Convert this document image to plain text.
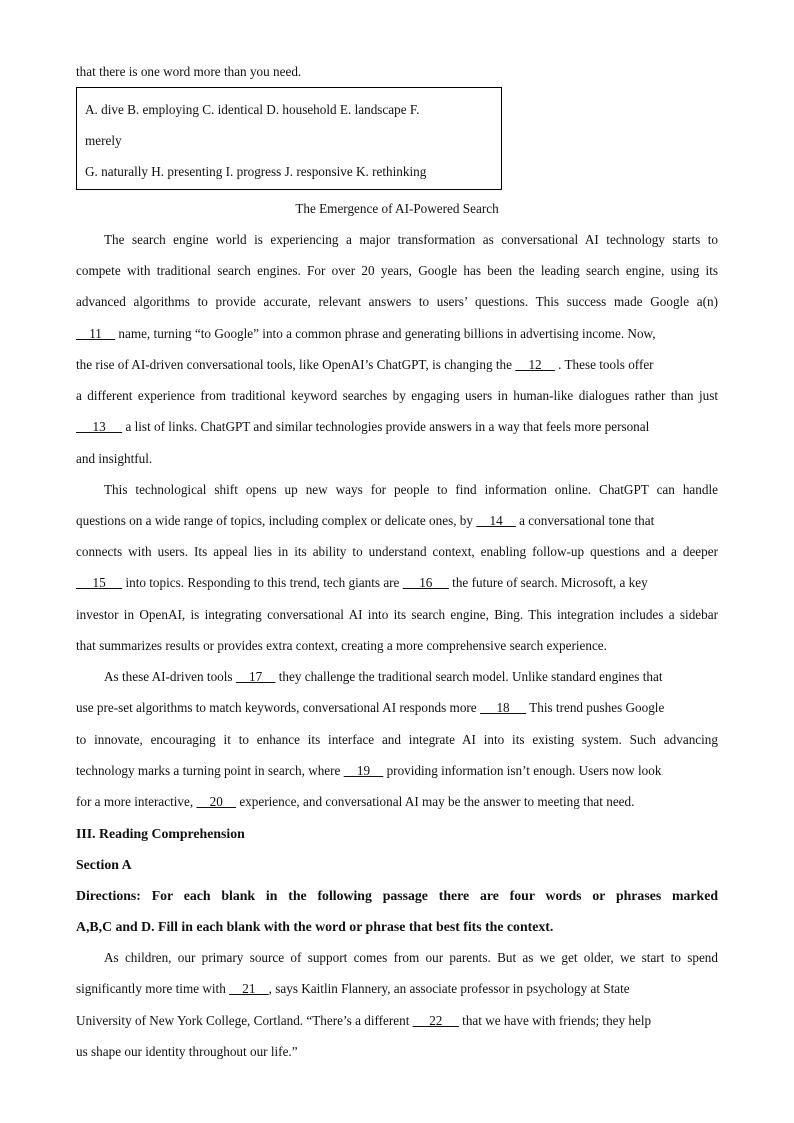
that there is one word more than you need.
A. dive B. employing C. identical D. household E. landscape F.
merely
G. naturally H. presenting I. progress J. responsive K. rethinking
The Emergence of AI-Powered Search
The search engine world is experiencing a major transformation as conversational AI technology starts to
compete with traditional search engines. For over 20 years, Google has been the leading search engine, using its
advanced algorithms to provide accurate, relevant answers to users’ questions. This success made Google a(n)
11     name, turning “to Google” into a common phrase and generating billions in advertising income. Now,
the rise of AI-driven conversational tools, like OpenAI’s ChatGPT, is changing the     12     . These tools offer
a different experience from traditional keyword searches by engaging users in human-like dialogues rather than just
13      a list of links. ChatGPT and similar technologies provide answers in a way that feels more personal
and insightful.
This technological shift opens up new ways for people to find information online. ChatGPT can handle
questions on a wide range of topics, including complex or delicate ones, by     14     a conversational tone that
connects with users. Its appeal lies in its ability to understand context, enabling follow-up questions and a deeper
15      into topics. Responding to this trend, tech giants are      16      the future of search. Microsoft, a key
investor in OpenAI, is integrating conversational AI into its search engine, Bing. This integration includes a sidebar
that summarizes results or provides extra context, creating a more comprehensive search experience.
As these AI-driven tools     17     they challenge the traditional search model. Unlike standard engines that
use pre-set algorithms to match keywords, conversational AI responds more      18      This trend pushes Google
to innovate, encouraging it to enhance its interface and integrate AI into its existing system. Such advancing
technology marks a turning point in search, where     19     providing information isn’t enough. Users now look
for a more interactive,     20     experience, and conversational AI may be the answer to meeting that need.
III. Reading Comprehension
Section A
Directions: For each blank in the following passage there are four words or phrases marked
A,B,C and D. Fill in each blank with the word or phrase that best fits the context.
As children, our primary source of support comes from our parents. But as we get older, we start to spend
significantly more time with     21    , says Kaitlin Flannery, an associate professor in psychology at State
University of New York College, Cortland. “There’s a different      22      that we have with friends; they help
us shape our identity throughout our life.”
